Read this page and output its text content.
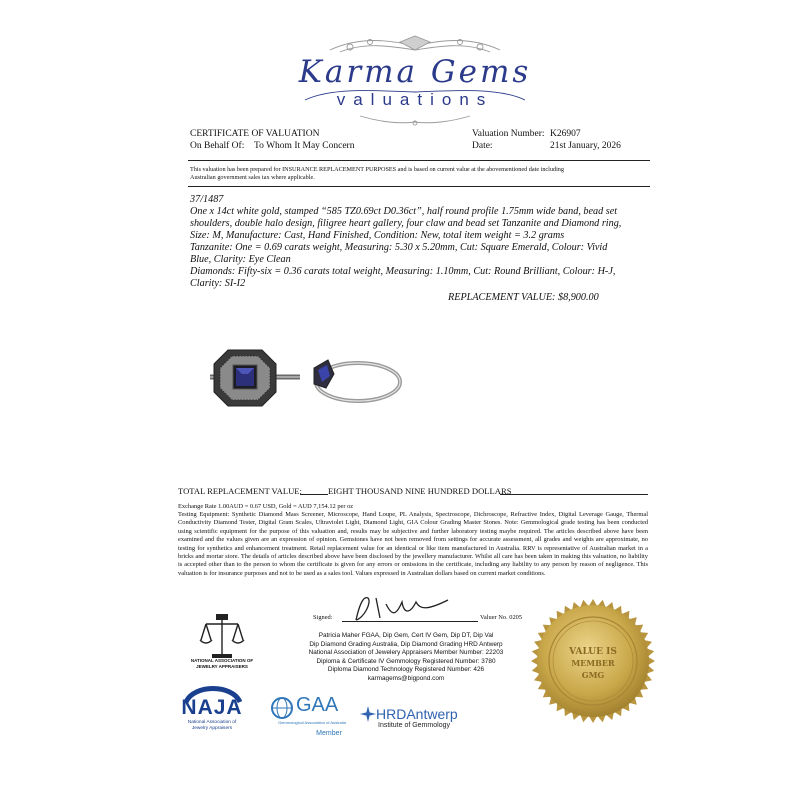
Karma Gems
valuations
CERTIFICATE OF VALUATION
On Behalf Of: To Whom It May Concern
Valuation Number: K26907
Date:	21st January, 2026
This valuation has been prepared for INSURANCE REPLACEMENT PURPOSES and is based on current value at the abovementioned date including
Australian government sales tax where applicable.
37/1487
One x 14ct white gold, stamped “585 TZ0.69ct D0.36ct”, half round profile 1.75mm wide band, bead set
shoulders, double halo design, filigree heart gallery, four claw and bead set Tanzanite and Diamond ring,
Size: M, Manufacture: Cast, Hand Finished, Condition: New, total item weight = 3.2 grams
Tanzanite: One = 0.69 carats weight, Measuring: 5.30 x 5.20mm, Cut: Square Emerald, Colour: Vivid
Blue, Clarity: Eye Clean
Diamonds: Fifty-six = 0.36 carats total weight, Measuring: 1.10mm, Cut: Round Brilliant, Colour: H-J,
Clarity: SI-I2
REPLACEMENT VALUE: $8,900.00
TOTAL REPLACEMENT VALUE:	EIGHT THOUSAND NINE HUNDRED DOLLARS
Exchange Rate 1.00AUD = 0.67 USD, Gold = AUD 7,154.12 per oz
Testing Equipment: Synthetic Diamond Mass Screener, Microscope, Hand Loupe, PL Analysis, Spectroscope, Dichroscope, Refractive Index, Digital Leverage Gauge, Thermal Conductivity Diamond Tester, Digital Gram Scales, Ultraviolet Light, Diamond Light, GIA Colour Grading Master Stones. Note: Gemmological grade testing has been conducted using scientific equipment for the purpose of this valuation and, results may be subjective and further laboratory testing maybe required. The articles described above have been examined and the values given are an expression of opinion. Gemstones have not been removed from settings for accurate assessment, all grades and weights are approximate, no testing for synthetics and enhancement treatment. Retail replacement value for an identical or like item manufactured in Australia. RRV is representative of Australian market in a bricks and mortar store. The details of articles described above have been disclosed by the jewellery manufacturer. Whilst all care has been taken in making this valuation, no liability is accepted other than to the person to whom the certificate is given for any errors or omissions in the certificate, including any liability to any person by reason of negligence. This valuation is for insurance purposes and not to be used as a sales tool. Values expressed in Australian dollars based on current market conditions.
Signed:	Valuer No. 0205
Patricia Maher FGAA, Dip Gem, Cert IV Gem, Dip DT, Dip Val
Dip Diamond Grading Australia, Dip Diamond Grading HRD Antwerp
National Association of Jewelery Appraisers Member Number: 22203
Diploma & Certificate IV Gemmology Registered Number: 3780
Diploma Diamond Technology Registered Number: 426
karmagems@bigpond.com
NATIONAL ASSOCIATION OF
JEWELRY APPRAISERS
NAJA
National Association of
Jewelry Appraisers
GAA
Gemmological Association of Australia
Member
HRDAntwerp
Institute of Gemmology
VALUE IS
MEMBER
GMG
